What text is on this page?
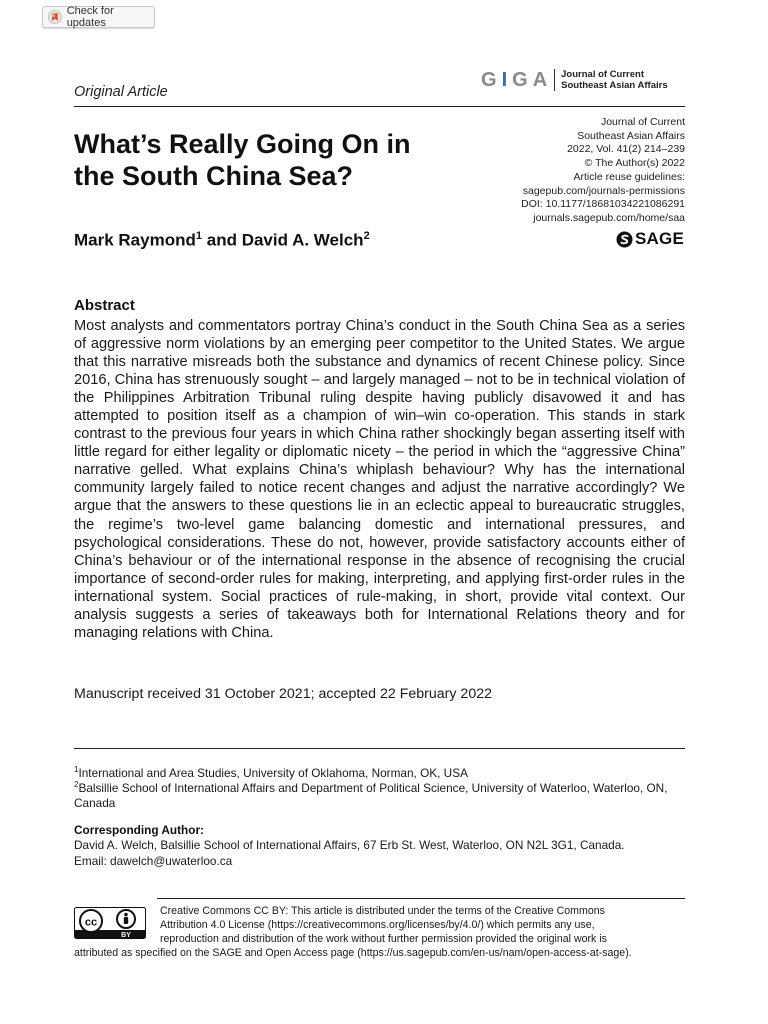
Check for updates
GIGA Journal of Current
Southeast Asian Affairs
Original Article
What’s Really Going On in
the South China Sea?
Mark Raymond$^1$ and David A. Welch$^2$
Journal of Current
Southeast Asian Affairs
2022, Vol. 41(2) 214–239
© The Author(s) 2022
Article reuse guidelines:
sagepub.com/journals-permissions
DOI: 10.1177/18681034221086291
journals.sagepub.com/home/saa
SAGE
Abstract

Most analysts and commentators portray China’s conduct in the South China Sea as a series of aggressive norm violations by an emerging peer competitor to the United States. We argue that this narrative misreads both the substance and dynamics of recent Chinese policy. Since 2016, China has strenuously sought – and largely managed – not to be in technical violation of the Philippines Arbitration Tribunal ruling despite having publicly disavowed it and has attempted to position itself as a champion of win–win co-operation. This stands in stark contrast to the previous four years in which China rather shockingly began asserting itself with little regard for either legality or diplomatic nicety – the period in which the “aggressive China” narrative gelled. What explains China’s whiplash behaviour? Why has the international community largely failed to notice recent changes and adjust the narrative accordingly? We argue that the answers to these questions lie in an eclectic appeal to bureaucratic struggles, the regime’s two-level game balancing domestic and international pressures, and psychological considerations. These do not, however, provide satisfactory accounts either of China’s behaviour or of the international response in the absence of recognising the crucial importance of second-order rules for making, interpreting, and applying first-order rules in the international system. Social practices of rule-making, in short, provide vital context. Our analysis suggests a series of takeaways both for International Relations theory and for managing relations with China.

Manuscript received 31 October 2021; accepted 22 February 2022
$^1$International and Area Studies, University of Oklahoma, Norman, OK, USA
$^2$Balsillie School of International Affairs and Department of Political Science, University of Waterloo, Waterloo, ON, Canada
Corresponding Author:
David A. Welch, Balsillie School of International Affairs, 67 Erb St. West, Waterloo, ON N2L 3G1, Canada.
Email: dawelch@uwaterloo.ca
cc
BY
Creative Commons CC BY: This article is distributed under the terms of the Creative Commons
Attribution 4.0 License (https://creativecommons.org/licenses/by/4.0/) which permits any use,
reproduction and distribution of the work without further permission provided the original work is
attributed as specified on the SAGE and Open Access page (https://us.sagepub.com/en-us/nam/open-access-at-sage).
